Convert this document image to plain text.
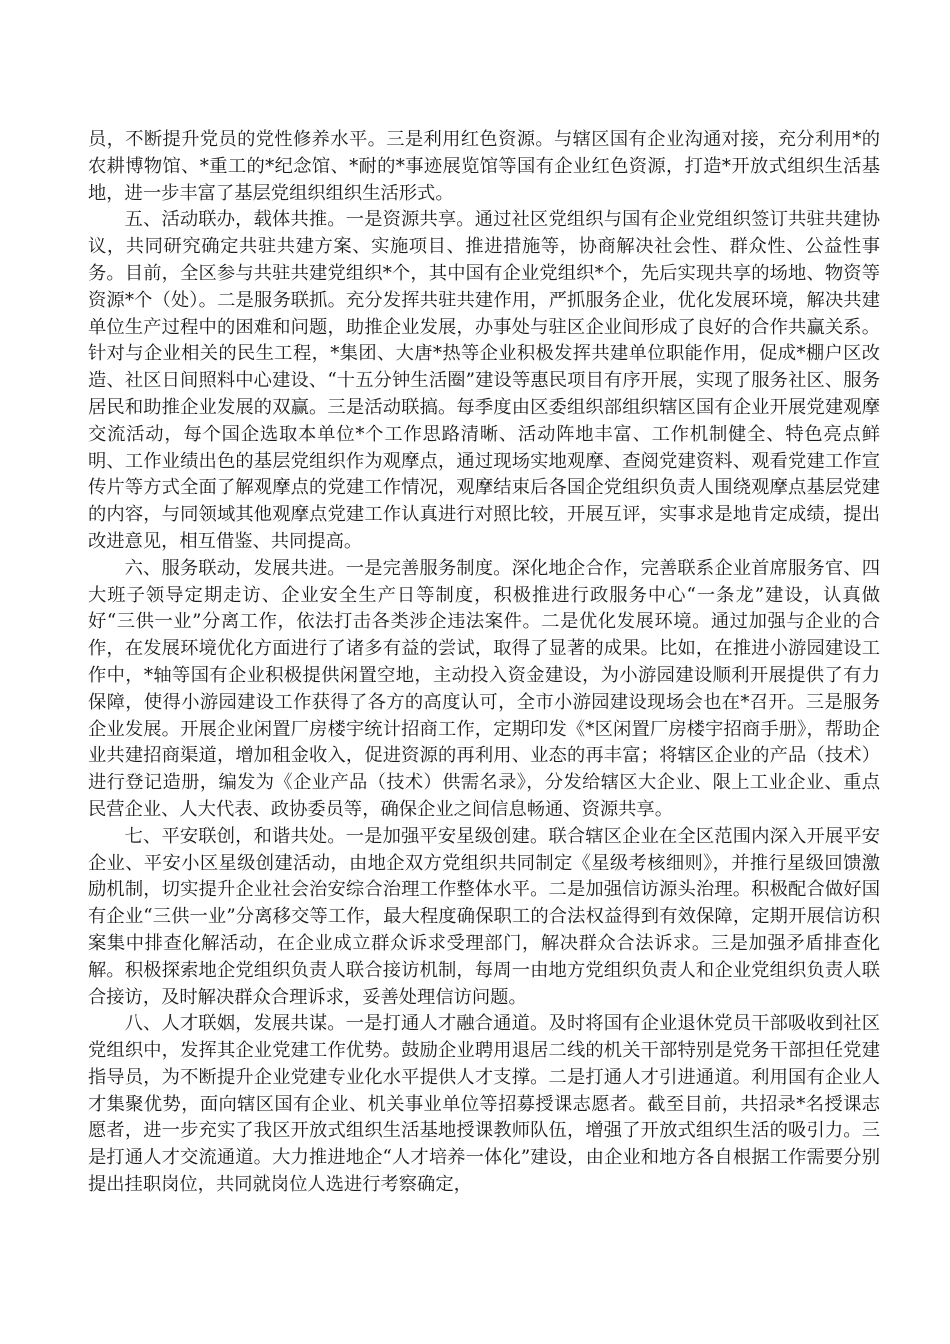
员，不断提升党员的党性修养水平。三是利用红色资源。与辖区国有企业沟通对接，充分利用*的农耕博物馆、*重工的*纪念馆、*耐的*事迹展览馆等国有企业红色资源，打造*开放式组织生活基地，进一步丰富了基层党组织组织生活形式。

五、活动联办，载体共推。一是资源共享。通过社区党组织与国有企业党组织签订共驻共建协议，共同研究确定共驻共建方案、实施项目、推进措施等，协商解决社会性、群众性、公益性事务。目前，全区参与共驻共建党组织*个，其中国有企业党组织*个，先后实现共享的场地、物资等资源*个（处）。二是服务联抓。充分发挥共驻共建作用，严抓服务企业，优化发展环境，解决共建单位生产过程中的困难和问题，助推企业发展，办事处与驻区企业间形成了良好的合作共赢关系。针对与企业相关的民生工程，*集团、大唐*热等企业积极发挥共建单位职能作用，促成*棚户区改造、社区日间照料中心建设、“十五分钟生活圈”建设等惠民项目有序开展，实现了服务社区、服务居民和助推企业发展的双赢。三是活动联搞。每季度由区委组织部组织辖区国有企业开展党建观摩交流活动，每个国企选取本单位*个工作思路清晰、活动阵地丰富、工作机制健全、特色亮点鲜明、工作业绩出色的基层党组织作为观摩点，通过现场实地观摩、查阅党建资料、观看党建工作宣传片等方式全面了解观摩点的党建工作情况，观摩结束后各国企党组织负责人围绕观摩点基层党建的内容，与同领域其他观摩点党建工作认真进行对照比较，开展互评，实事求是地肯定成绩，提出改进意见，相互借鉴、共同提高。

六、服务联动，发展共进。一是完善服务制度。深化地企合作，完善联系企业首席服务官、四大班子领导定期走访、企业安全生产日等制度，积极推进行政服务中心“一条龙”建设，认真做好“三供一业”分离工作，依法打击各类涉企违法案件。二是优化发展环境。通过加强与企业的合作，在发展环境优化方面进行了诸多有益的尝试，取得了显著的成果。比如，在推进小游园建设工作中，*轴等国有企业积极提供闲置空地，主动投入资金建设，为小游园建设顺利开展提供了有力保障，使得小游园建设工作获得了各方的高度认可，全市小游园建设现场会也在*召开。三是服务企业发展。开展企业闲置厂房楼宇统计招商工作，定期印发《*区闲置厂房楼宇招商手册》，帮助企业共建招商渠道，增加租金收入，促进资源的再利用、业态的再丰富；将辖区企业的产品（技术）进行登记造册，编发为《企业产品（技术）供需名录》，分发给辖区大企业、限上工业企业、重点民营企业、人大代表、政协委员等，确保企业之间信息畅通、资源共享。

七、平安联创，和谐共处。一是加强平安星级创建。联合辖区企业在全区范围内深入开展平安企业、平安小区星级创建活动，由地企双方党组织共同制定《星级考核细则》，并推行星级回馈激励机制，切实提升企业社会治安综合治理工作整体水平。二是加强信访源头治理。积极配合做好国有企业“三供一业”分离移交等工作，最大程度确保职工的合法权益得到有效保障，定期开展信访积案集中排查化解活动，在企业成立群众诉求受理部门，解决群众合法诉求。三是加强矛盾排查化解。积极探索地企党组织负责人联合接访机制，每周一由地方党组织负责人和企业党组织负责人联合接访，及时解决群众合理诉求，妥善处理信访问题。

八、人才联姻，发展共谋。一是打通人才融合通道。及时将国有企业退休党员干部吸收到社区党组织中，发挥其企业党建工作优势。鼓励企业聘用退居二线的机关干部特别是党务干部担任党建指导员，为不断提升企业党建专业化水平提供人才支撑。二是打通人才引进通道。利用国有企业人才集聚优势，面向辖区国有企业、机关事业单位等招募授课志愿者。截至目前，共招录*名授课志愿者，进一步充实了我区开放式组织生活基地授课教师队伍，增强了开放式组织生活的吸引力。三是打通人才交流通道。大力推进地企“人才培养一体化”建设，由企业和地方各自根据工作需要分别提出挂职岗位，共同就岗位人选进行考察确定，
